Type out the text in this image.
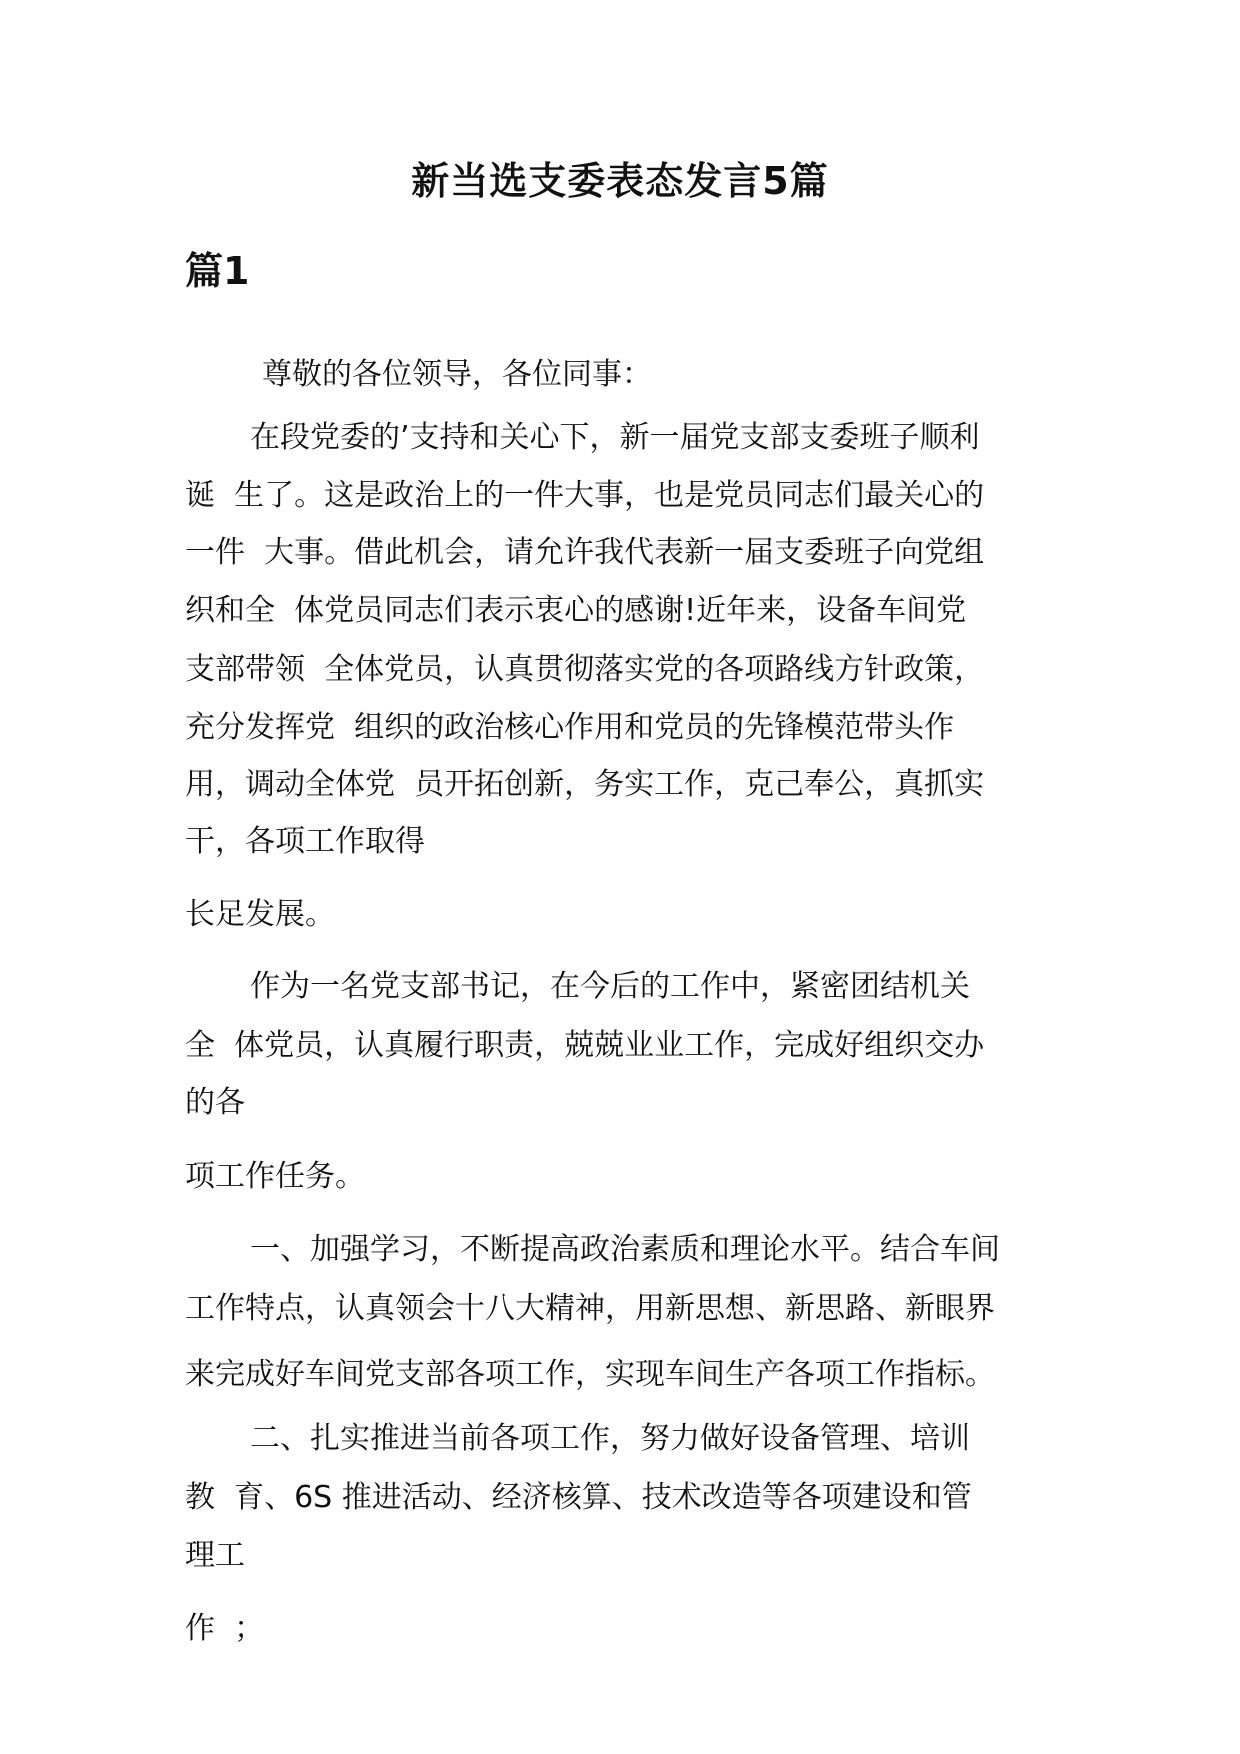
新当选支委表态发言5篇
篇1

尊敬的各位领导，各位同事：

在段党委的’支持和关心下，新一届党支部支委班子顺利

诞  生了。这是政治上的一件大事，也是党员同志们最关心的

一件  大事。借此机会，请允许我代表新一届支委班子向党组

织和全  体党员同志们表示衷心的感谢!近年来，设备车间党

支部带领  全体党员，认真贯彻落实党的各项路线方针政策，

充分发挥党  组织的政治核心作用和党员的先锋模范带头作

用，调动全体党  员开拓创新，务实工作，克己奉公，真抓实

干，各项工作取得

长足发展。

作为一名党支部书记，在今后的工作中，紧密团结机关

全  体党员，认真履行职责，兢兢业业工作，完成好组织交办

的各

项工作任务。

一、加强学习，不断提高政治素质和理论水平。结合车间

工作特点，认真领会十八大精神，用新思想、新思路、新眼界

来完成好车间党支部各项工作，实现车间生产各项工作指标。

二、扎实推进当前各项工作，努力做好设备管理、培训

教  育、6S 推进活动、经济核算、技术改造等各项建设和管

理工

作  ；
